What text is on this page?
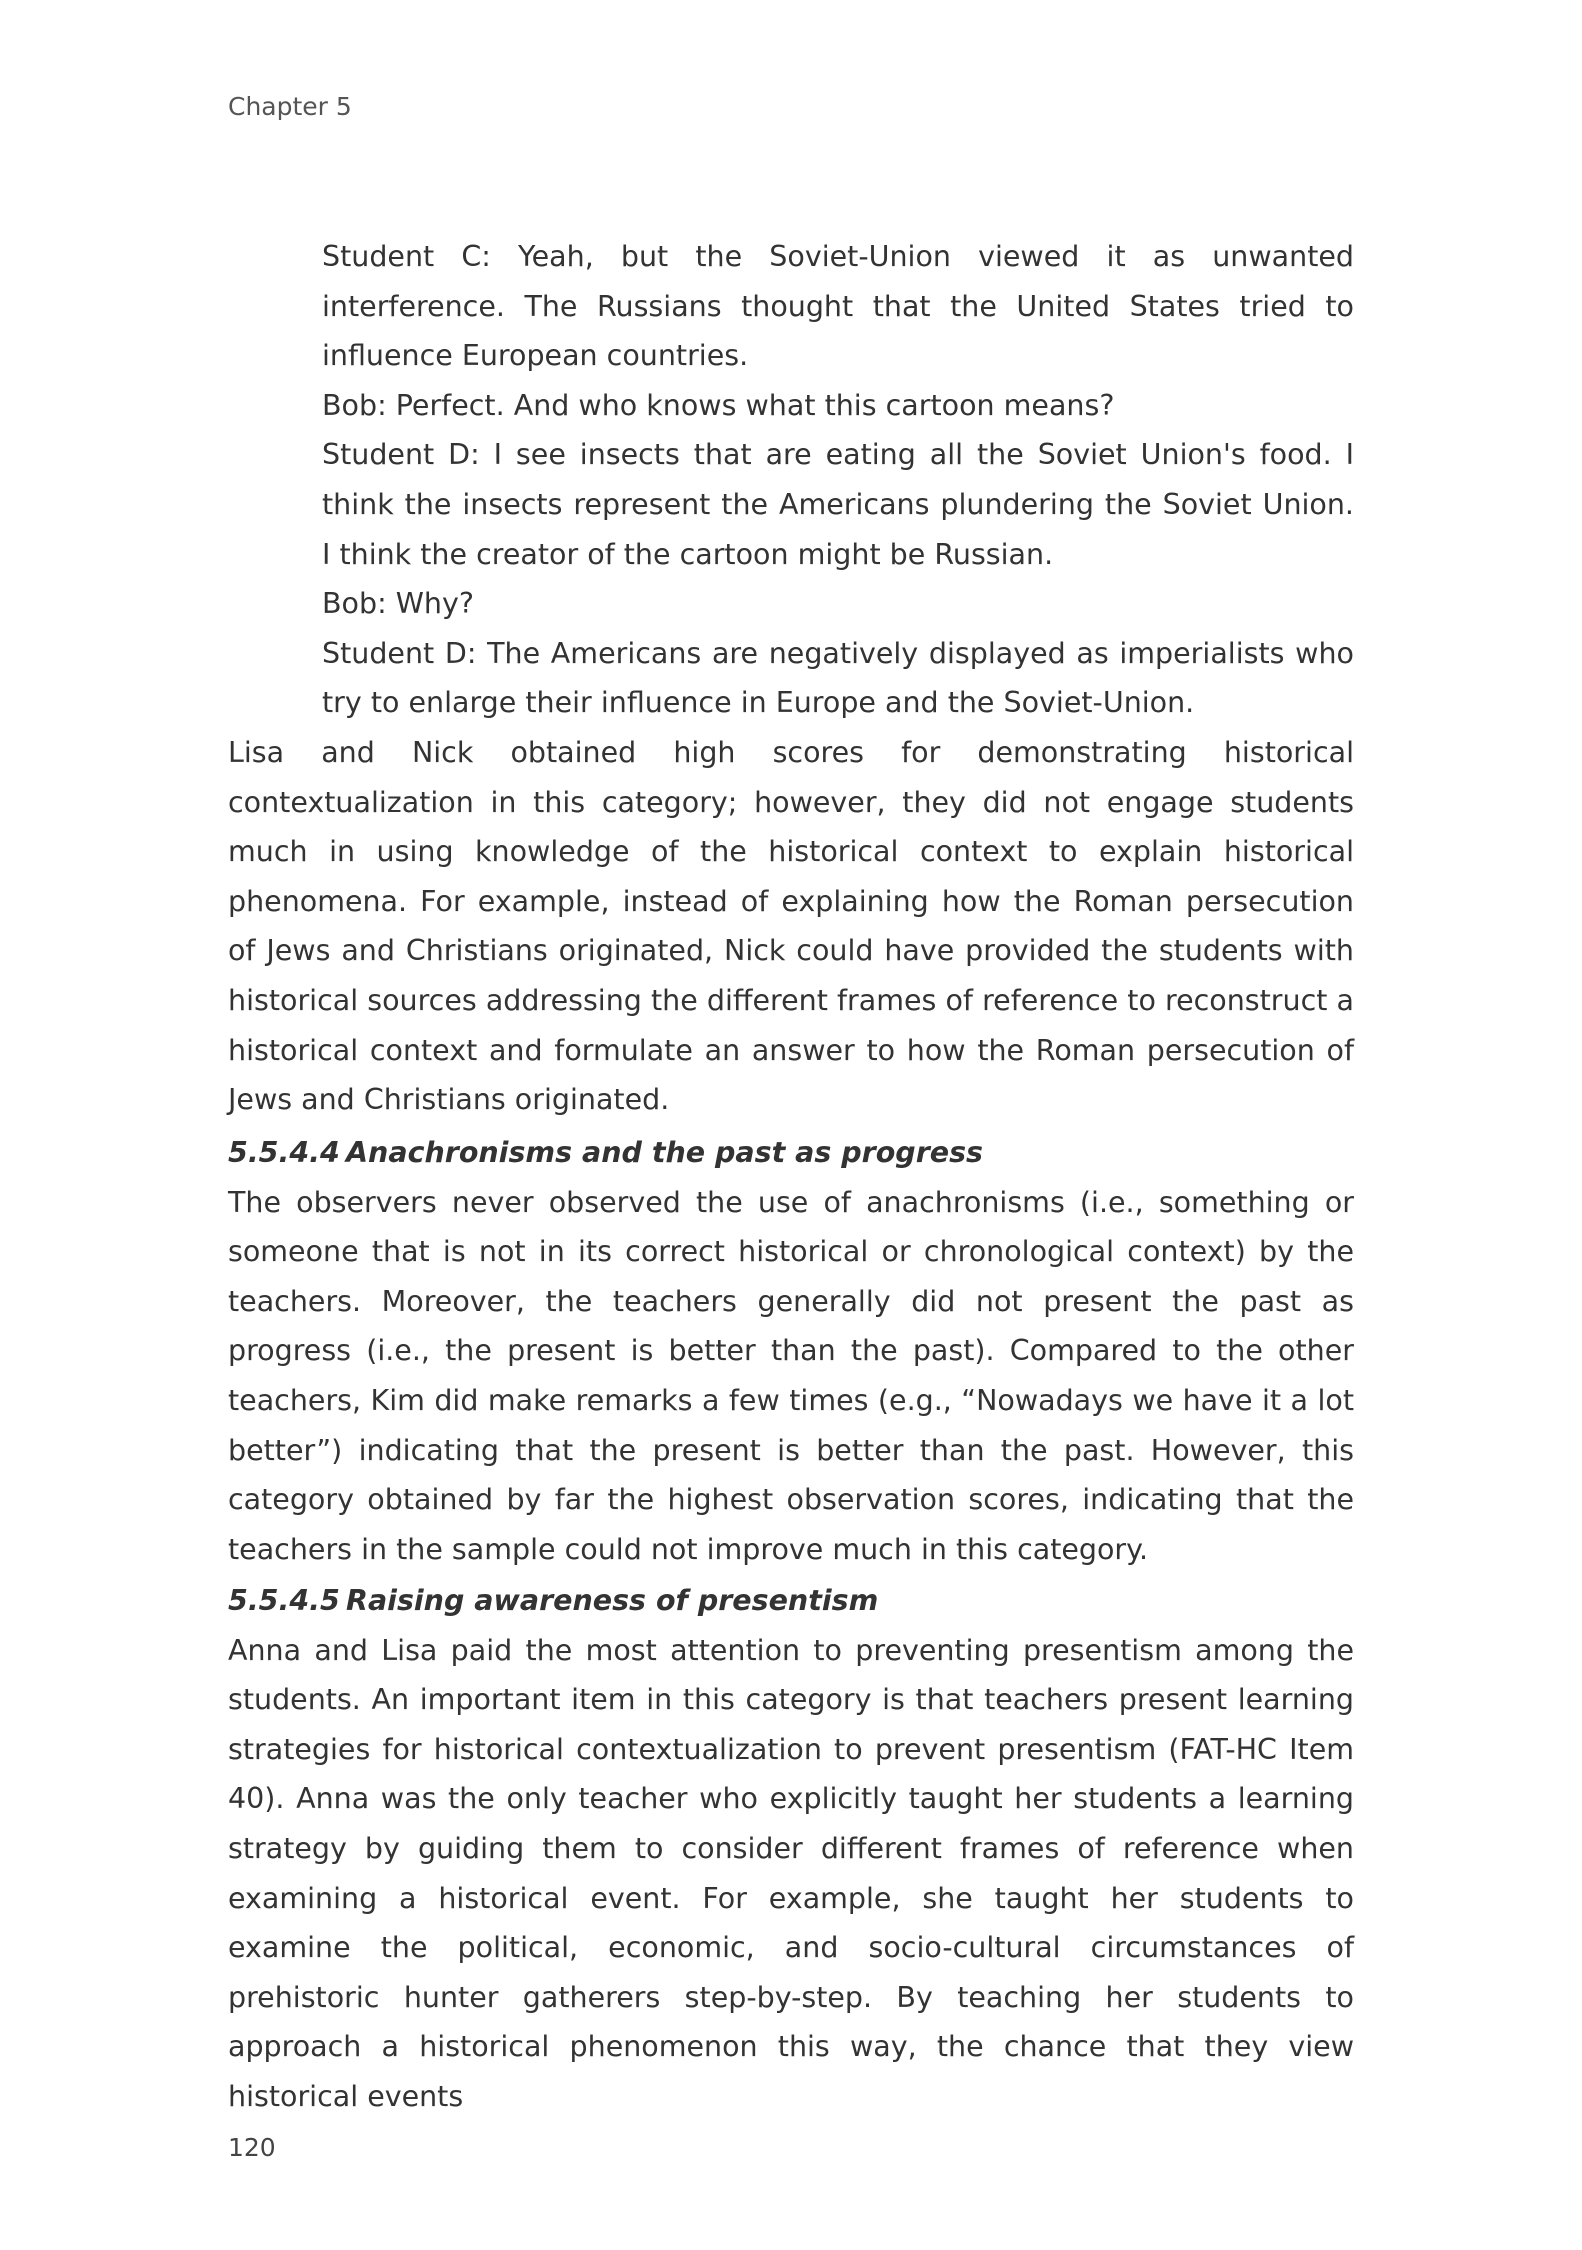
Chapter 5

Student C: Yeah, but the Soviet-Union viewed it as unwanted interference. The Russians thought that the United States tried to influence European countries.

Bob: Perfect. And who knows what this cartoon means?

Student D: I see insects that are eating all the Soviet Union's food. I think the insects represent the Americans plundering the Soviet Union. I think the creator of the cartoon might be Russian.

Bob: Why?

Student D: The Americans are negatively displayed as imperialists who try to enlarge their influence in Europe and the Soviet-Union.

Lisa and Nick obtained high scores for demonstrating historical contextualization in this category; however, they did not engage students much in using knowledge of the historical context to explain historical phenomena. For example, instead of explaining how the Roman persecution of Jews and Christians originated, Nick could have provided the students with historical sources addressing the different frames of reference to reconstruct a historical context and formulate an answer to how the Roman persecution of Jews and Christians originated.

5.5.4.4 Anachronisms and the past as progress

The observers never observed the use of anachronisms (i.e., something or someone that is not in its correct historical or chronological context) by the teachers. Moreover, the teachers generally did not present the past as progress (i.e., the present is better than the past). Compared to the other teachers, Kim did make remarks a few times (e.g., “Nowadays we have it a lot better”) indicating that the present is better than the past. However, this category obtained by far the highest observation scores, indicating that the teachers in the sample could not improve much in this category.

5.5.4.5 Raising awareness of presentism

Anna and Lisa paid the most attention to preventing presentism among the students. An important item in this category is that teachers present learning strategies for historical contextualization to prevent presentism (FAT-HC Item 40). Anna was the only teacher who explicitly taught her students a learning strategy by guiding them to consider different frames of reference when examining a historical event. For example, she taught her students to examine the political, economic, and socio-cultural circumstances of prehistoric hunter gatherers step-by-step. By teaching her students to approach a historical phenomenon this way, the chance that they view historical events

120
